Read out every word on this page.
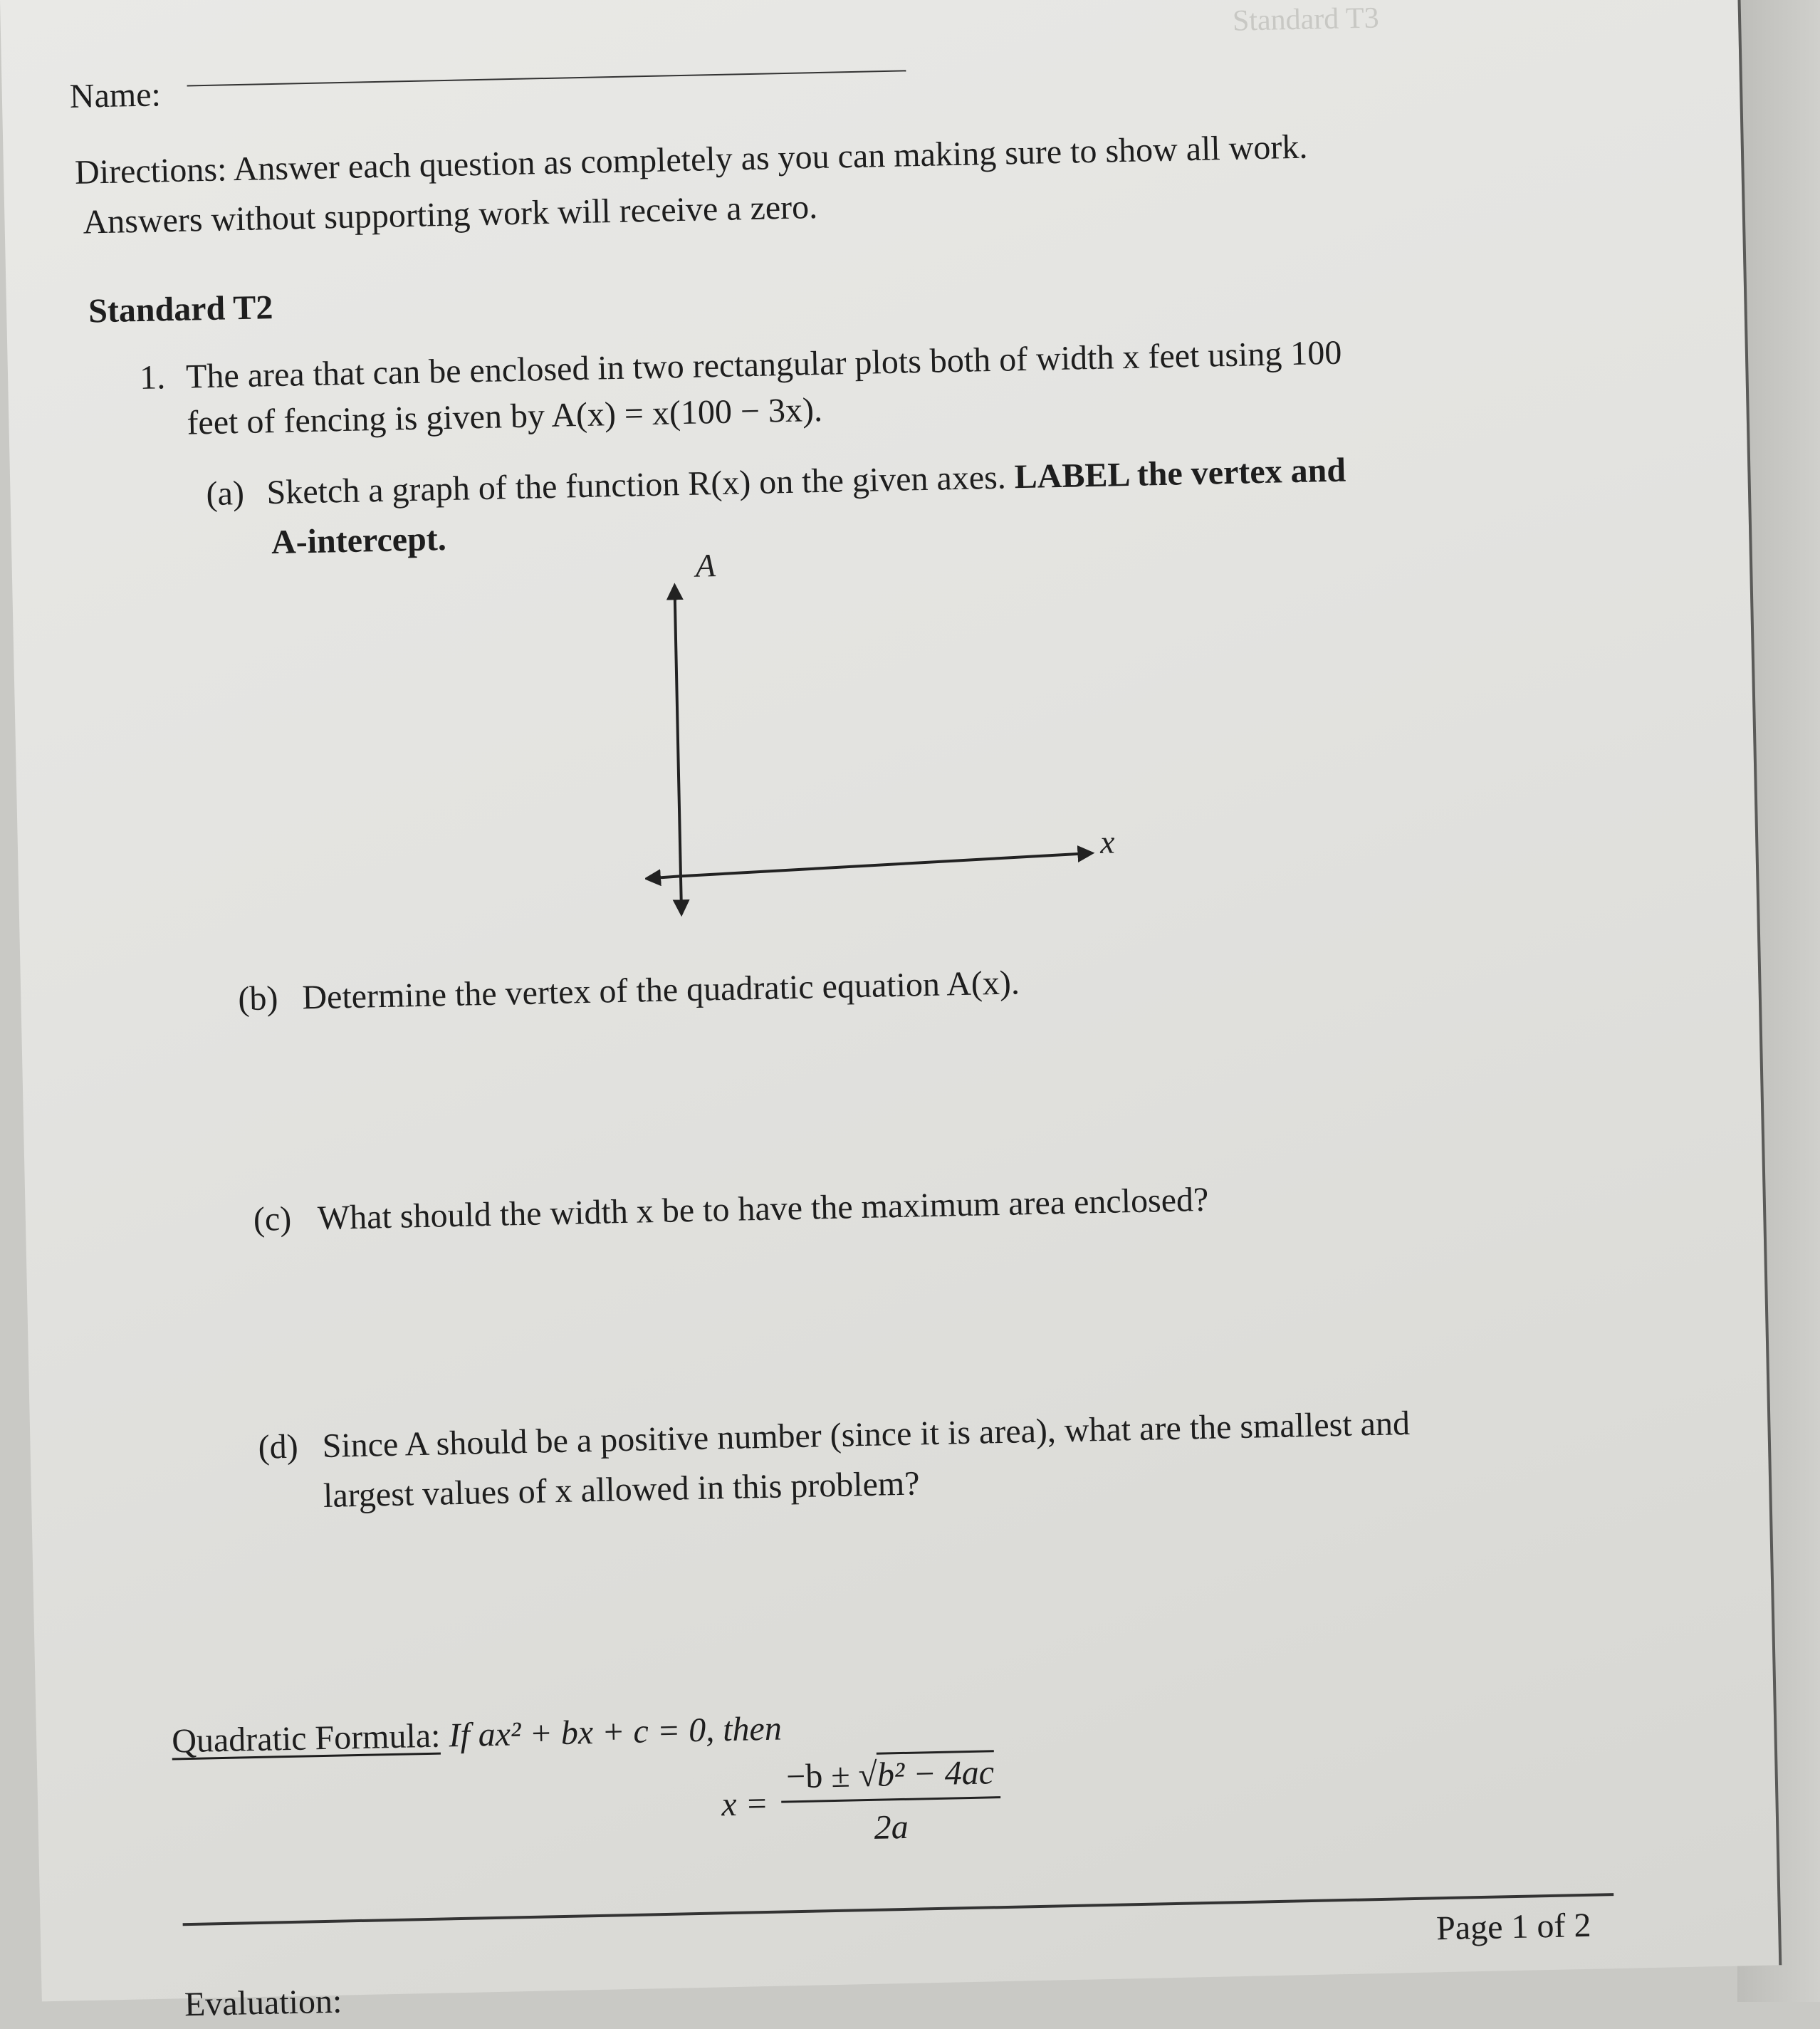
Standard T3
Name:
Directions: Answer each question as completely as you can making sure to show all work.
Answers without supporting work will receive a zero.
Standard T2
1. The area that can be enclosed in two rectangular plots both of width x feet using 100
feet of fencing is given by A(x) = x(100 − 3x).
(a) Sketch a graph of the function R(x) on the given axes. LABEL the vertex and
A-intercept.
A
x
(b) Determine the vertex of the quadratic equation A(x).
(c) What should the width x be to have the maximum area enclosed?
(d) Since A should be a positive number (since it is area), what are the smallest and
largest values of x allowed in this problem?
Quadratic Formula: If ax² + bx + c = 0, then
$x = \frac{\text{−b ± √b² − 4ac}}{2a}$
Page 1 of 2
Evaluation:
